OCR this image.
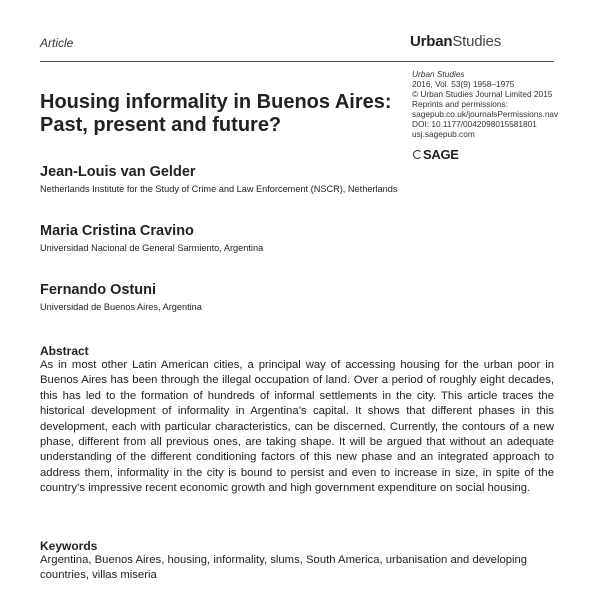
Article	UrbanStudies
Urban Studies
2016, Vol. 53(9) 1958–1975
© Urban Studies Journal Limited 2015
Reprints and permissions:
sagepub.co.uk/journalsPermissions.nav
DOI: 10.1177/0042098015581801
usj.sagepub.com
SAGE
Housing informality in Buenos Aires: Past, present and future?
Jean-Louis van Gelder
Netherlands Institute for the Study of Crime and Law Enforcement (NSCR), Netherlands
Maria Cristina Cravino
Universidad Nacional de General Sarmiento, Argentina
Fernando Ostuni
Universidad de Buenos Aires, Argentina
Abstract
As in most other Latin American cities, a principal way of accessing housing for the urban poor in Buenos Aires has been through the illegal occupation of land. Over a period of roughly eight decades, this has led to the formation of hundreds of informal settlements in the city. This article traces the historical development of informality in Argentina’s capital. It shows that different phases in this development, each with particular characteristics, can be discerned. Currently, the contours of a new phase, different from all previous ones, are taking shape. It will be argued that without an adequate understanding of the different conditioning factors of this new phase and an integrated approach to address them, informality in the city is bound to persist and even to increase in size, in spite of the country’s impressive recent economic growth and high government expenditure on social housing.
Keywords
Argentina, Buenos Aires, housing, informality, slums, South America, urbanisation and developing countries, villas miseria
